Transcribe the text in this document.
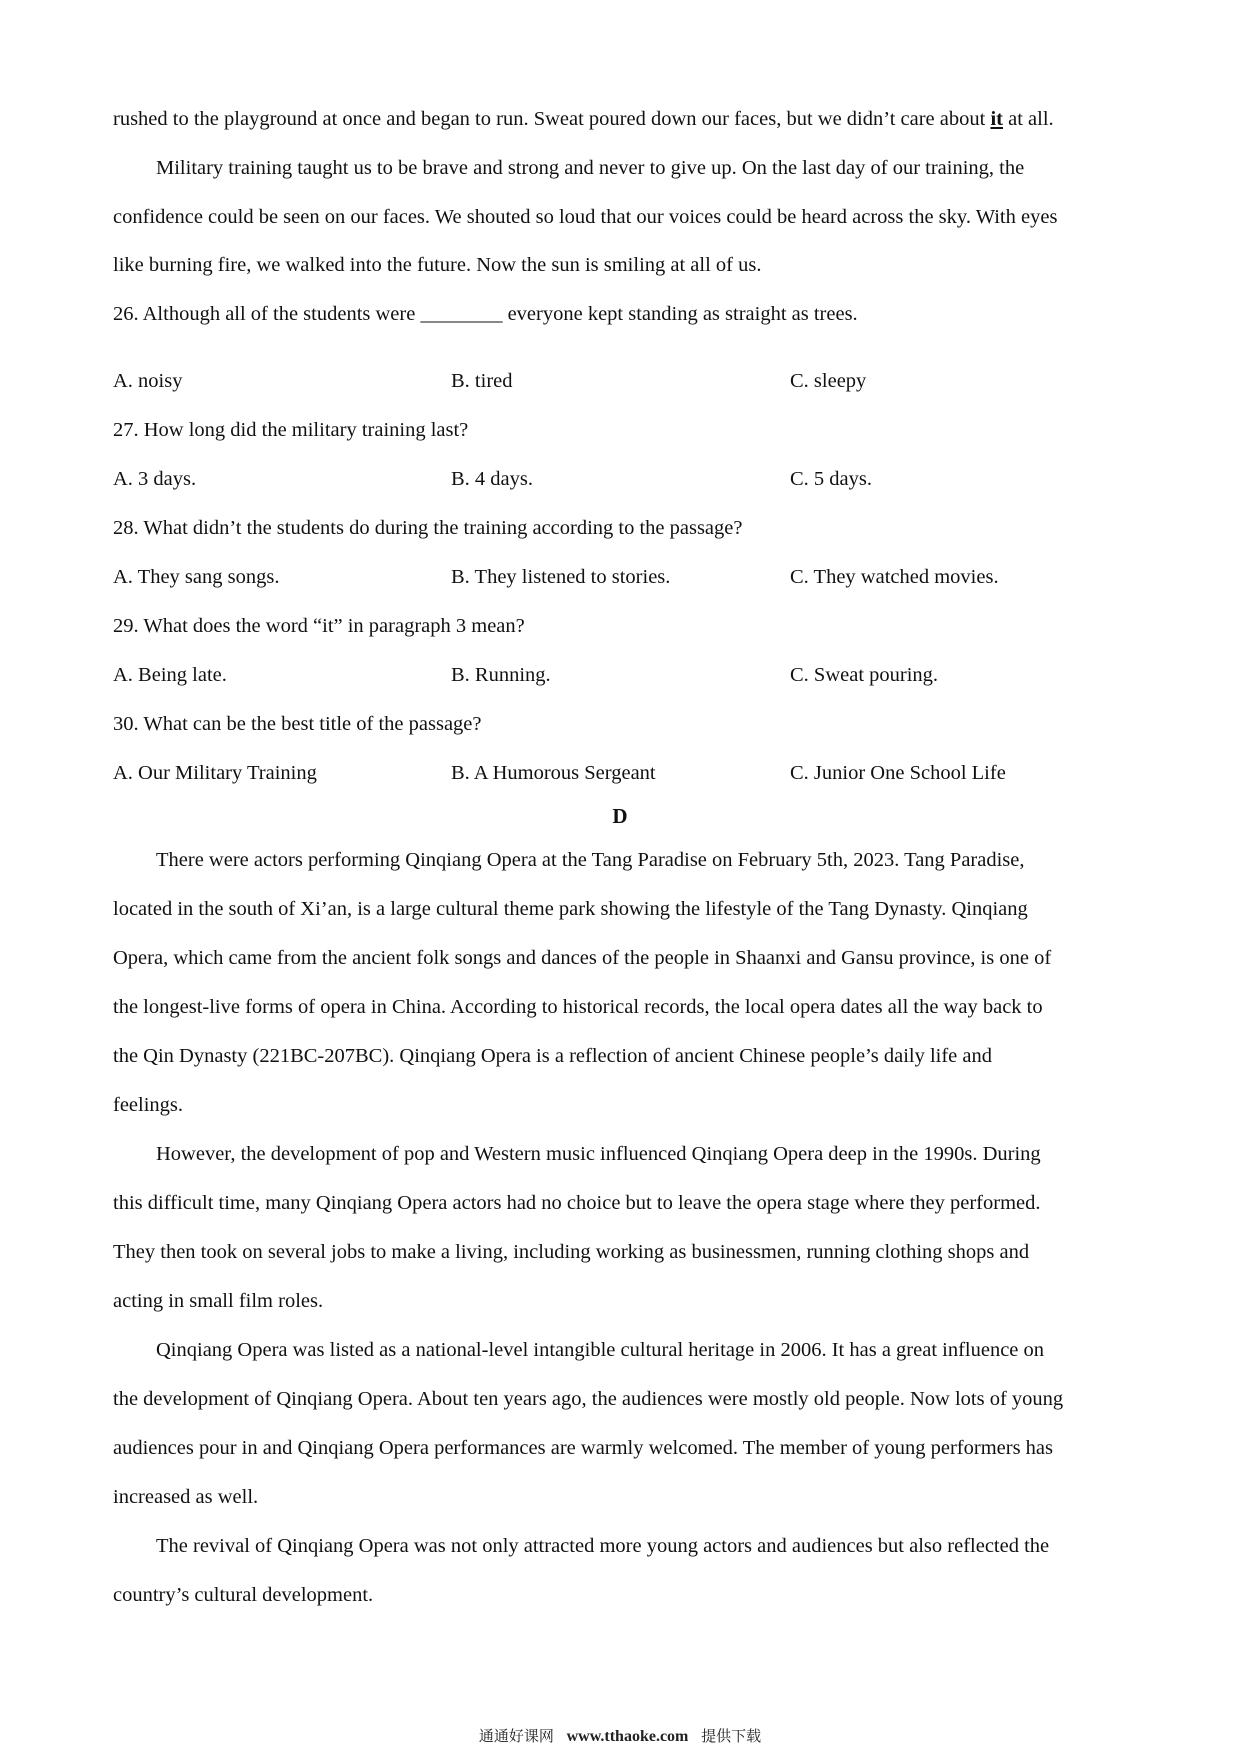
rushed to the playground at once and began to run. Sweat poured down our faces, but we didn’t care about it at all.
Military training taught us to be brave and strong and never to give up. On the last day of our training, the
confidence could be seen on our faces. We shouted so loud that our voices could be heard across the sky. With eyes
like burning fire, we walked into the future. Now the sun is smiling at all of us.
26. Although all of the students were ________ everyone kept standing as straight as trees.
A. noisy	B. tired	C. sleepy
27. How long did the military training last?
A. 3 days.	B. 4 days.	C. 5 days.
28. What didn’t the students do during the training according to the passage?
A. They sang songs.	B. They listened to stories.	C. They watched movies.
29. What does the word “it” in paragraph 3 mean?
A. Being late.	B. Running.	C. Sweat pouring.
30. What can be the best title of the passage?
A. Our Military Training	B. A Humorous Sergeant	C. Junior One School Life
D
There were actors performing Qinqiang Opera at the Tang Paradise on February 5th, 2023. Tang Paradise,
located in the south of Xi’an, is a large cultural theme park showing the lifestyle of the Tang Dynasty. Qinqiang
Opera, which came from the ancient folk songs and dances of the people in Shaanxi and Gansu province, is one of
the longest-live forms of opera in China. According to historical records, the local opera dates all the way back to
the Qin Dynasty (221BC-207BC). Qinqiang Opera is a reflection of ancient Chinese people’s daily life and
feelings.
However, the development of pop and Western music influenced Qinqiang Opera deep in the 1990s. During
this difficult time, many Qinqiang Opera actors had no choice but to leave the opera stage where they performed.
They then took on several jobs to make a living, including working as businessmen, running clothing shops and
acting in small film roles.
Qinqiang Opera was listed as a national-level intangible cultural heritage in 2006. It has a great influence on
the development of Qinqiang Opera. About ten years ago, the audiences were mostly old people. Now lots of young
audiences pour in and Qinqiang Opera performances are warmly welcomed. The member of young performers has
increased as well.
The revival of Qinqiang Opera was not only attracted more young actors and audiences but also reflected the
country’s cultural development.
通通好课网 www.tthaoke.com 提供下载
